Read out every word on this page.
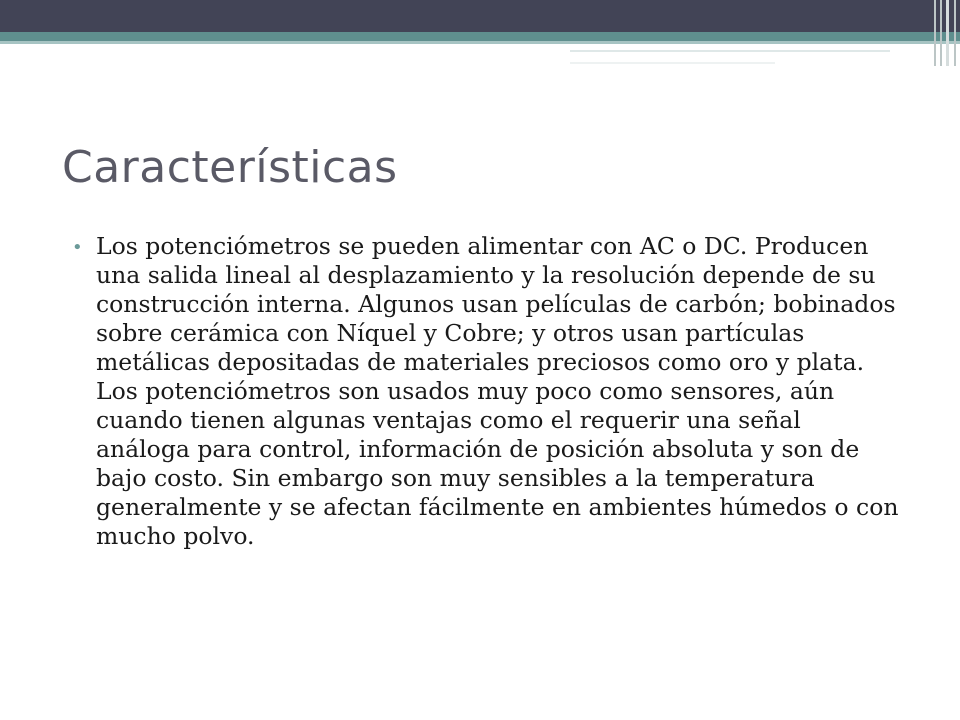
Características
• Los potenciómetros se pueden alimentar con AC o DC. Producen una salida lineal al desplazamiento y la resolución depende de su construcción interna. Algunos usan películas de carbón; bobinados sobre cerámica con Níquel y Cobre; y otros usan partículas metálicas depositadas de materiales preciosos como oro y plata. Los potenciómetros son usados muy poco como sensores, aún cuando tienen algunas ventajas como el requerir una señal análoga para control, información de posición absoluta y son de bajo costo. Sin embargo son muy sensibles a la temperatura generalmente y se afectan fácilmente en ambientes húmedos o con mucho polvo.
